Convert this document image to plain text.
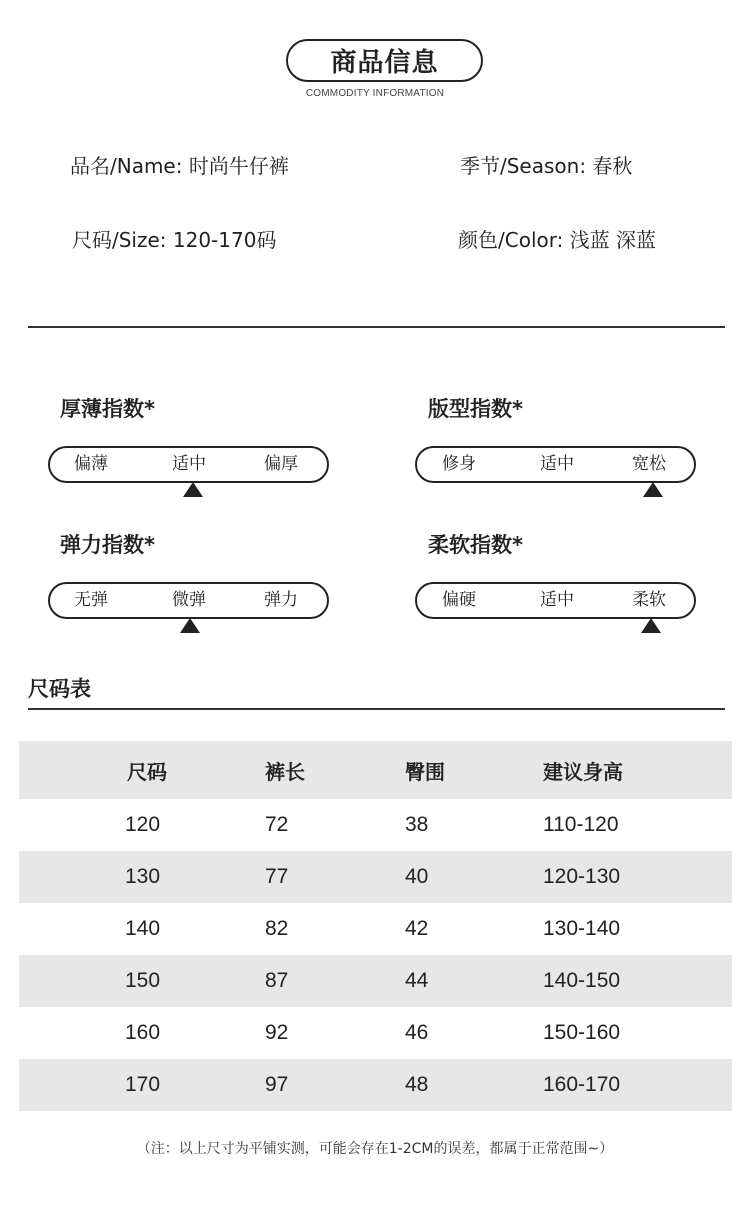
商品信息
COMMODITY INFORMATION
品名/Name: 时尚牛仔裤	季节/Season: 春秋
尺码/Size: 120-170码	颜色/Color: 浅蓝 深蓝
厚薄指数*
偏薄	适中	偏厚
版型指数*
修身	适中	宽松
弹力指数*
无弹	微弹	弹力
柔软指数*
偏硬	适中	柔软
尺码表
尺码	裤长	臀围	建议身高
120	72	38	110-120
130	77	40	120-130
140	82	42	130-140
150	87	44	140-150
160	92	46	150-160
170	97	48	160-170
（注：以上尺寸为平铺实测，可能会存在1-2CM的误差，都属于正常范围~）
